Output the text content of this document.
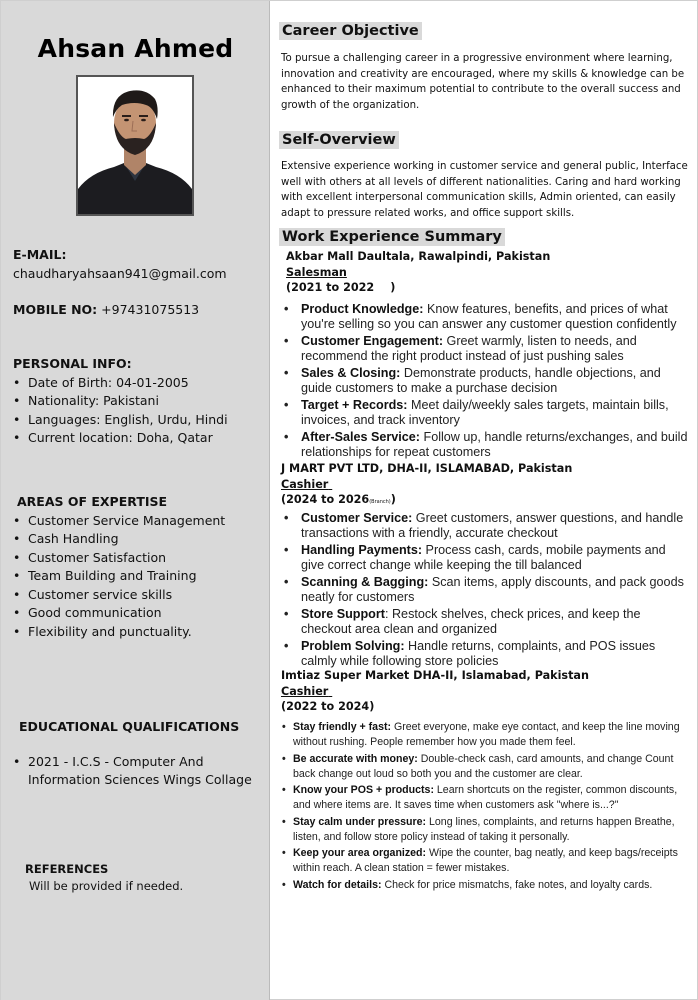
Ahsan Ahmed
E-MAIL:
chaudharyahsaan941@gmail.com
MOBILE NO: +97431075513
PERSONAL INFO:
• Date of Birth: 04-01-2005
• Nationality: Pakistani
• Languages: English, Urdu, Hindi
• Current location: Doha, Qatar
AREAS OF EXPERTISE
• Customer Service Management
• Cash Handling
• Customer Satisfaction
• Team Building and Training
• Customer service skills
• Good communication
• Flexibility and punctuality.
EDUCATIONAL QUALIFICATIONS
• 2021 - I.C.S - Computer And Information Sciences Wings Collage
REFERENCES
Will be provided if needed.
Career Objective
To pursue a challenging career in a progressive environment where learning, innovation and creativity are encouraged, where my skills & knowledge can be enhanced to their maximum potential to contribute to the overall success and growth of the organization.
Self-Overview
Extensive experience working in customer service and general public, Interface well with others at all levels of different nationalities. Caring and hard working with excellent interpersonal communication skills, Admin oriented, can easily adapt to pressure related works, and office support skills.
Work Experience Summary
Akbar Mall Daultala, Rawalpindi, Pakistan
Salesman
(2021 to 2022 )
• Product Knowledge: Know features, benefits, and prices of what you're selling so you can answer any customer question confidently
• Customer Engagement: Greet warmly, listen to needs, and recommend the right product instead of just pushing sales
• Sales & Closing: Demonstrate products, handle objections, and guide customers to make a purchase decision
• Target + Records: Meet daily/weekly sales targets, maintain bills, invoices, and track inventory
• After-Sales Service: Follow up, handle returns/exchanges, and build relationships for repeat customers
J MART PVT LTD, DHA-II, ISLAMABAD, Pakistan
Cashier
(2024 to 2026(Branch))
• Customer Service: Greet customers, answer questions, and handle transactions with a friendly, accurate checkout
• Handling Payments: Process cash, cards, mobile payments and give correct change while keeping the till balanced
• Scanning & Bagging: Scan items, apply discounts, and pack goods neatly for customers
• Store Support: Restock shelves, check prices, and keep the checkout area clean and organized
• Problem Solving: Handle returns, complaints, and POS issues calmly while following store policies
Imtiaz Super Market DHA-II, Islamabad, Pakistan
Cashier
(2022 to 2024)
• Stay friendly + fast: Greet everyone, make eye contact, and keep the line moving without rushing. People remember how you made them feel.
• Be accurate with money: Double-check cash, card amounts, and change Count back change out loud so both you and the customer are clear.
• Know your POS + products: Learn shortcuts on the register, common discounts, and where items are. It saves time when customers ask "where is...?"
• Stay calm under pressure: Long lines, complaints, and returns happen Breathe, listen, and follow store policy instead of taking it personally.
• Keep your area organized: Wipe the counter, bag neatly, and keep bags/receipts within reach. A clean station = fewer mistakes.
• Watch for details: Check for price mismatchs, fake notes, and loyalty cards.
